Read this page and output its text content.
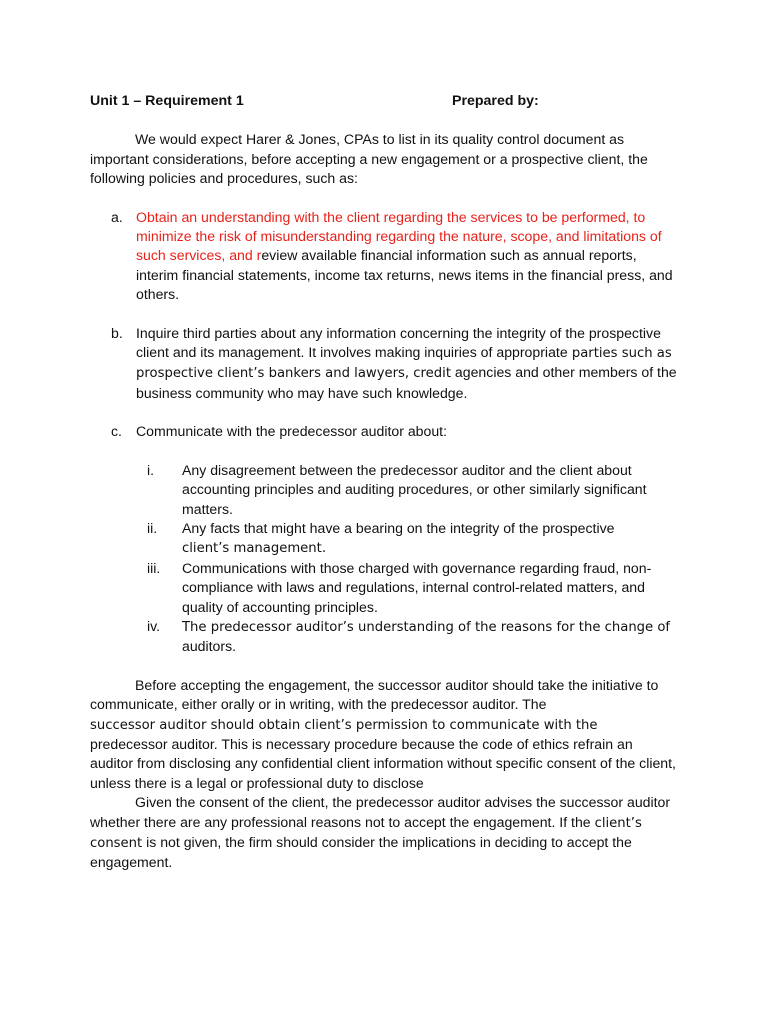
Unit 1 – Requirement 1	Prepared by:

We would expect Harer & Jones, CPAs to list in its quality control document as important considerations, before accepting a new engagement or a prospective client, the following policies and procedures, such as:

a. Obtain an understanding with the client regarding the services to be performed, to minimize the risk of misunderstanding regarding the nature, scope, and limitations of such services, and review available financial information such as annual reports, interim financial statements, income tax returns, news items in the financial press, and others.
b. Inquire third parties about any information concerning the integrity of the prospective client and its management. It involves making inquiries of appropriate parties such as prospective client’s bankers and lawyers, credit agencies and other members of the business community who may have such knowledge.
c. Communicate with the predecessor auditor about:
i.	Any disagreement between the predecessor auditor and the client about accounting principles and auditing procedures, or other similarly significant matters.
ii.	Any facts that might have a bearing on the integrity of the prospective
client’s management.
iii.	Communications with those charged with governance regarding fraud, non-compliance with laws and regulations, internal control-related matters, and quality of accounting principles.
iv.	The predecessor auditor’s understanding of the reasons for the change of
auditors.

Before accepting the engagement, the successor auditor should take the initiative to communicate, either orally or in writing, with the predecessor auditor. The
successor auditor should obtain client’s permission to communicate with the
predecessor auditor. This is necessary procedure because the code of ethics refrain an auditor from disclosing any confidential client information without specific consent of the client, unless there is a legal or professional duty to disclose

Given the consent of the client, the predecessor auditor advises the successor auditor whether there are any professional reasons not to accept the engagement. If the client’s consent is not given, the firm should consider the implications in deciding to accept the engagement.
